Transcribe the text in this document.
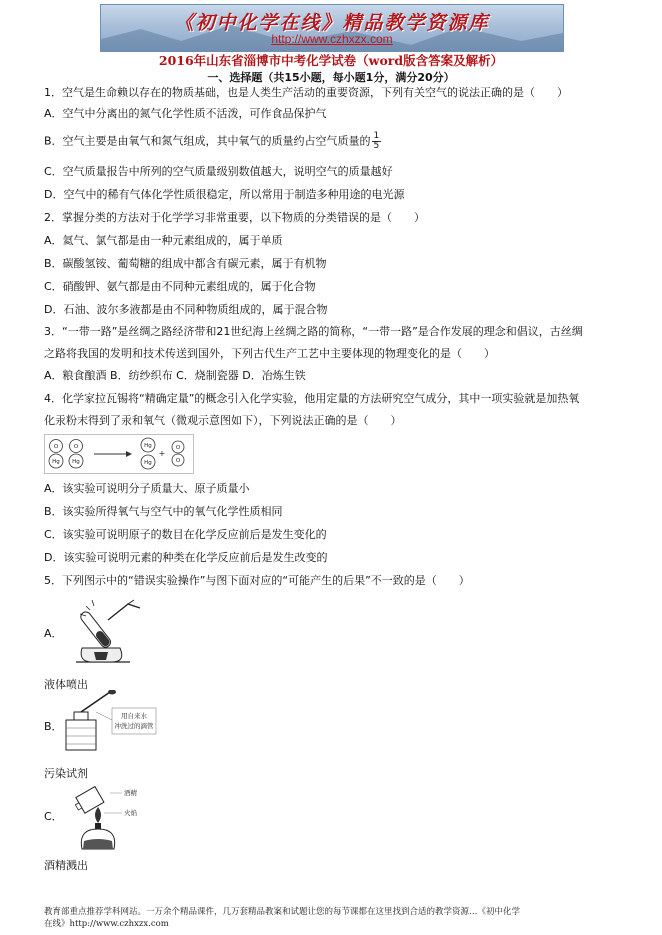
《初中化学在线》精品教学资源库
http://www.czhxzx.com
2016年山东省淄博市中考化学试卷（word版含答案及解析）
一、选择题（共15小题，每小题1分，满分20分）
1．空气是生命赖以存在的物质基础，也是人类生产活动的重要资源，下列有关空气的说法正确的是（　　）
A．空气中分离出的氮气化学性质不活泼，可作食品保护气
B．空气主要是由氧气和氮气组成，其中氧气的质量约占空气质量的 $\frac{1}{5}$
C．空气质量报告中所列的空气质量级别数值越大，说明空气的质量越好
D．空气中的稀有气体化学性质很稳定，所以常用于制造多种用途的电光源
2．掌握分类的方法对于化学学习非常重要，以下物质的分类错误的是（　　）
A．氦气、氯气都是由一种元素组成的，属于单质
B．碳酸氢铵、葡萄糖的组成中都含有碳元素，属于有机物
C．硝酸钾、氨气都是由不同种元素组成的，属于化合物
D．石油、波尔多液都是由不同种物质组成的，属于混合物
3．“一带一路”是丝绸之路经济带和21世纪海上丝绸之路的简称，“一带一路”是合作发展的理念和倡议，古丝绸
之路将我国的发明和技术传送到国外，下列古代生产工艺中主要体现的物理变化的是（　　）
A．粮食酿酒 B．纺纱织布 C．烧制瓷器 D．冶炼生铁
4．化学家拉瓦锡将“精确定量”的概念引入化学实验，他用定量的方法研究空气成分，其中一项实验就是加热氧
化汞粉末得到了汞和氧气（微观示意图如下），下列说法正确的是（　　）
O
Hg
O
Hg
Hg
Hg
+
O
O
A．该实验可说明分子质量大、原子质量小
B．该实验所得氧气与空气中的氧气化学性质相同
C．该实验可说明原子的数目在化学反应前后是发生变化的
D．该实验可说明元素的种类在化学反应前后是发生改变的
5．下列图示中的“错误实验操作”与图下面对应的“可能产生的后果”不一致的是（　　）
A．
液体喷出
B．
用自来水
冲洗过的滴管
污染试剂
C．
酒精
火焰
酒精溅出
教育部重点推荐学科网站。一万余个精品课件，几万套精品教案和试题让您的每节课都在这里找到合适的教学资源…《初中化学
在线》http://www.czhxzx.com
